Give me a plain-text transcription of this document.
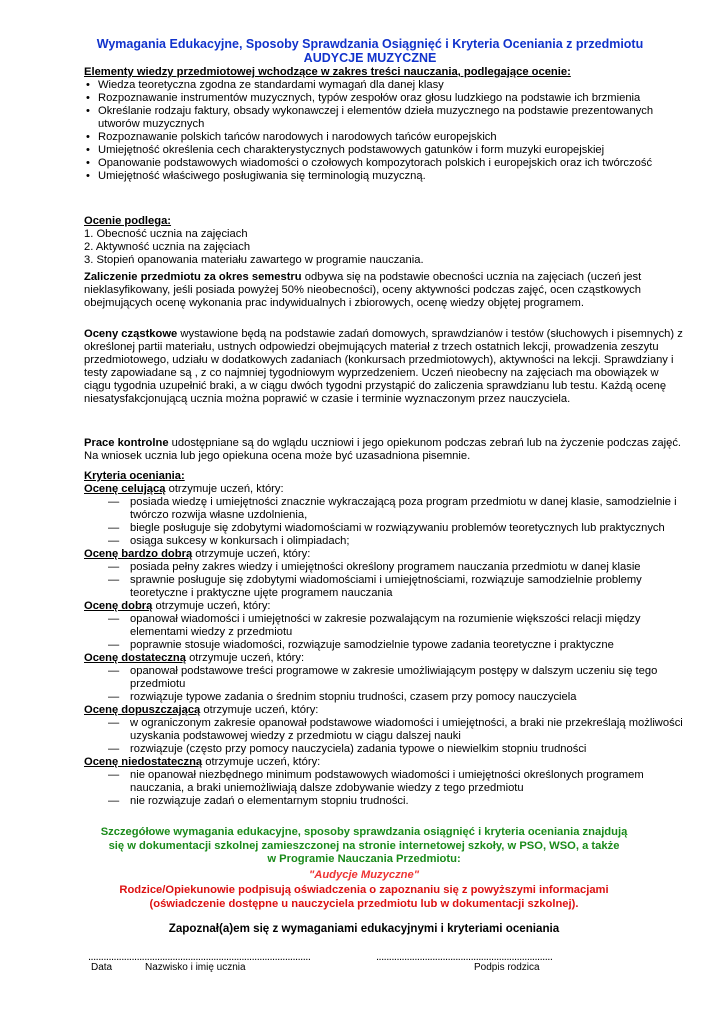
Wymagania Edukacyjne, Sposoby Sprawdzania Osiągnięć i Kryteria Oceniania z przedmiotu
AUDYCJE MUZYCZNE
Elementy wiedzy przedmiotowej wchodzące w zakres treści nauczania, podlegające ocenie:
• Wiedza teoretyczna zgodna ze standardami wymagań dla danej klasy
• Rozpoznawanie instrumentów muzycznych, typów zespołów oraz głosu ludzkiego na podstawie ich brzmienia
• Określanie rodzaju faktury, obsady wykonawczej i elementów dzieła muzycznego na podstawie prezentowanych utworów muzycznych
• Rozpoznawanie polskich tańców narodowych i narodowych tańców europejskich
• Umiejętność określenia cech charakterystycznych podstawowych gatunków i form muzyki europejskiej
• Opanowanie podstawowych wiadomości o czołowych kompozytorach polskich i europejskich oraz ich twórczość
• Umiejętność właściwego posługiwania się terminologią muzyczną.
Ocenie podlega:
1. Obecność ucznia na zajęciach
2. Aktywność ucznia na zajęciach
3. Stopień opanowania materiału zawartego w programie nauczania.

Zaliczenie przedmiotu za okres semestru odbywa się na podstawie obecności ucznia na zajęciach (uczeń jest nieklasyfikowany, jeśli posiada powyżej 50% nieobecności), oceny aktywności podczas zajęć, ocen cząstkowych obejmujących ocenę wykonania prac indywidualnych i zbiorowych, ocenę wiedzy objętej programem.

Oceny cząstkowe wystawione będą na podstawie zadań domowych, sprawdzianów i testów (słuchowych i pisemnych) z określonej partii materiału, ustnych odpowiedzi obejmujących materiał z trzech ostatnich lekcji, prowadzenia zeszytu przedmiotowego, udziału w dodatkowych zadaniach (konkursach przedmiotowych), aktywności na lekcji. Sprawdziany i testy zapowiadane są , z co najmniej tygodniowym wyprzedzeniem. Uczeń nieobecny na zajęciach ma obowiązek w ciągu tygodnia uzupełnić braki, a w ciągu dwóch tygodni przystąpić do zaliczenia sprawdzianu lub testu. Każdą ocenę niesatysfakcjonującą ucznia można poprawić w czasie i terminie wyznaczonym przez nauczyciela.

Prace kontrolne udostępniane są do wglądu uczniowi i jego opiekunom podczas zebrań lub na życzenie podczas zajęć. Na wniosek ucznia lub jego opiekuna ocena może być uzasadniona pisemnie.

Kryteria oceniania:
Ocenę celującą otrzymuje uczeń, który:
— posiada wiedzę i umiejętności znacznie wykraczającą poza program przedmiotu w danej klasie, samodzielnie i twórczo rozwija własne uzdolnienia,
— biegle posługuje się zdobytymi wiadomościami w rozwiązywaniu problemów teoretycznych lub praktycznych
— osiąga sukcesy w konkursach i olimpiadach;
Ocenę bardzo dobrą otrzymuje uczeń, który:
— posiada pełny zakres wiedzy i umiejętności określony programem nauczania przedmiotu w danej klasie
— sprawnie posługuje się zdobytymi wiadomościami i umiejętnościami, rozwiązuje samodzielnie problemy teoretyczne i praktyczne ujęte programem nauczania
Ocenę dobrą otrzymuje uczeń, który:
— opanował wiadomości i umiejętności w zakresie pozwalającym na rozumienie większości relacji między elementami wiedzy z przedmiotu
— poprawnie stosuje wiadomości, rozwiązuje samodzielnie typowe zadania teoretyczne i praktyczne
Ocenę dostateczną otrzymuje uczeń, który:
— opanował podstawowe treści programowe w zakresie umożliwiającym postępy w dalszym uczeniu się tego przedmiotu
— rozwiązuje typowe zadania o średnim stopniu trudności, czasem przy pomocy nauczyciela
Ocenę dopuszczającą otrzymuje uczeń, który:
— w ograniczonym zakresie opanował podstawowe wiadomości i umiejętności, a braki nie przekreślają możliwości uzyskania podstawowej wiedzy z przedmiotu w ciągu dalszej nauki
— rozwiązuje (często przy pomocy nauczyciela) zadania typowe o niewielkim stopniu trudności
Ocenę niedostateczną otrzymuje uczeń, który:
— nie opanował niezbędnego minimum podstawowych wiadomości i umiejętności określonych programem nauczania, a braki uniemożliwiają dalsze zdobywanie wiedzy z tego przedmiotu
— nie rozwiązuje zadań o elementarnym stopniu trudności.
Szczegółowe wymagania edukacyjne, sposoby sprawdzania osiągnięć i kryteria oceniania znajdują
się w dokumentacji szkolnej zamieszczonej na stronie internetowej szkoły, w PSO, WSO, a także
w Programie Nauczania Przedmiotu:
"Audycje Muzyczne"
Rodzice/Opiekunowie podpisują oświadczenia o zapoznaniu się z powyższymi informacjami
(oświadczenie dostępne u nauczyciela przedmiotu lub w dokumentacji szkolnej).
Zapoznał(a)em się z wymaganiami edukacyjnymi i kryteriami oceniania
.......................................................................................	.....................................................................
Data	Nazwisko i imię ucznia	Podpis rodzica
